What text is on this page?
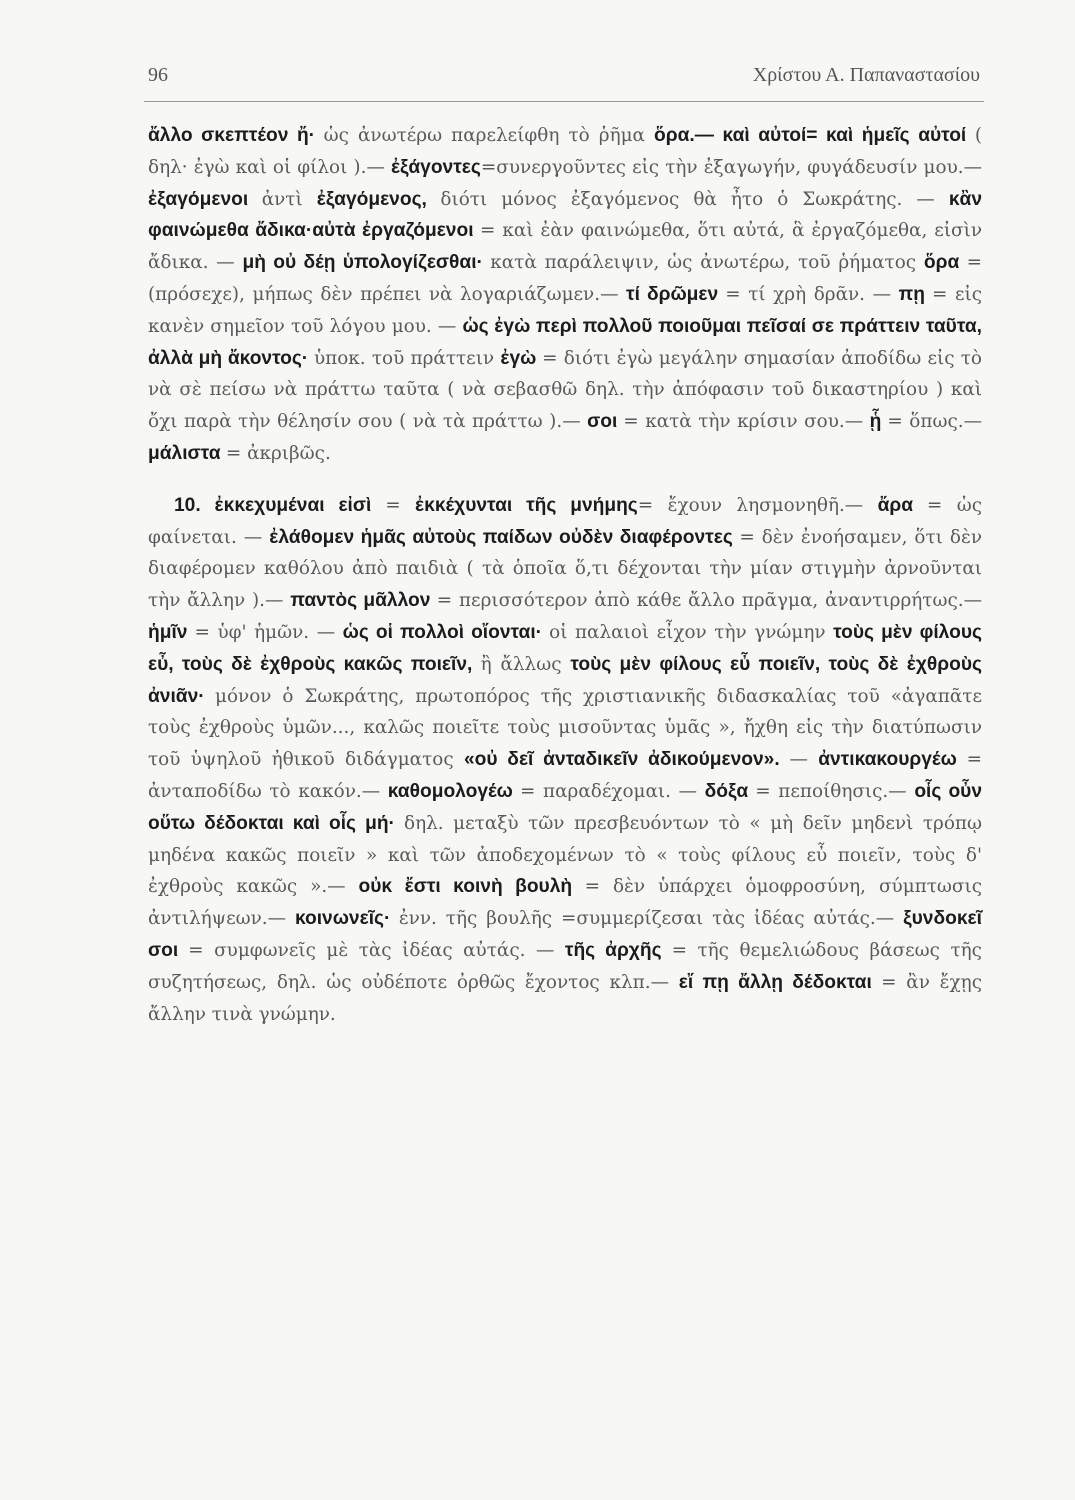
96	Χρίστου Α. Παπαναστασίου

ἄλλο σκεπτέον ἤ· ὡς ἀνωτέρω παρελείφθη τὸ ῥῆμα ὅρα.— καὶ αὐτοί= καὶ ἡμεῖς αὐτοί ( δηλ· ἐγὼ καὶ οἱ φίλοι ).— ἐξάγοντες=συνεργοῦντες εἰς τὴν ἐξαγωγήν, φυγάδευσίν μου.— ἐξαγόμενοι ἀντὶ ἐξαγόμενος, διότι μόνος ἐξαγόμενος θὰ ἦτο ὁ Σωκράτης. — κἂν φαινώμεθα ἄδικα·αὐτὰ ἐργαζόμενοι = καὶ ἐὰν φαινώμεθα, ὅτι αὐτά, ἃ ἐργαζόμεθα, εἰσὶν ἄδικα. — μὴ οὐ δέῃ ὑπολογίζεσθαι· κατὰ παράλειψιν, ὡς ἀνωτέρω, τοῦ ῥήματος ὅρα = (πρόσεχε), μήπως δὲν πρέπει νὰ λογαριάζωμεν.— τί δρῶμεν = τί χρὴ δρᾶν. — πῃ = εἰς κανὲν σημεῖον τοῦ λόγου μου. — ὡς ἐγὼ περὶ πολλοῦ ποιοῦμαι πεῖσαί σε πράττειν ταῦτα, ἀλλὰ μὴ ἄκοντος· ὑποκ. τοῦ πράττειν ἐγὼ = διότι ἐγὼ μεγάλην σημασίαν ἀποδίδω εἰς τὸ νὰ σὲ πείσω νὰ πράττω ταῦτα ( νὰ σεβασθῶ δηλ. τὴν ἀπόφασιν τοῦ δικαστηρίου ) καὶ ὄχι παρὰ τὴν θέλησίν σου ( νὰ τὰ πράττω ).— σοι = κατὰ τὴν κρίσιν σου.— ᾗ = ὅπως.— μάλιστα = ἀκριβῶς.

10. ἐκκεχυμέναι εἰσὶ = ἐκκέχυνται τῆς μνήμης= ἔχουν λησμονηθῆ.— ἄρα = ὡς φαίνεται. — ἐλάθομεν ἡμᾶς αὐτοὺς παίδων οὐδὲν διαφέροντες = δὲν ἐνοήσαμεν, ὅτι δὲν διαφέρομεν καθόλου ἀπὸ παιδιὰ ( τὰ ὁποῖα ὅ,τι δέχονται τὴν μίαν στιγμὴν ἀρνοῦνται τὴν ἄλλην ).— παντὸς μᾶλλον = περισσότερον ἀπὸ κάθε ἄλλο πρᾶγμα, ἀναντιρρήτως.— ἡμῖν = ὑφ' ἡμῶν. — ὡς οἱ πολλοὶ οἴονται· οἱ παλαιοὶ εἶχον τὴν γνώμην τοὺς μὲν φίλους εὖ, τοὺς δὲ ἐχθροὺς κακῶς ποιεῖν, ἢ ἄλλως τοὺς μὲν φίλους εὖ ποιεῖν, τοὺς δὲ ἐχθροὺς ἀνιᾶν· μόνον ὁ Σωκράτης, πρωτοπόρος τῆς χριστιανικῆς διδασκαλίας τοῦ «ἀγαπᾶτε τοὺς ἐχθροὺς ὑμῶν..., καλῶς ποιεῖτε τοὺς μισοῦντας ὑμᾶς », ἤχθη εἰς τὴν διατύπωσιν τοῦ ὑψηλοῦ ἠθικοῦ διδάγματος «οὐ δεῖ ἀνταδικεῖν ἀδικούμενον». — ἀντικακουργέω = ἀνταποδίδω τὸ κακόν.— καθομολογέω = παραδέχομαι. — δόξα = πεποίθησις.— οἷς οὖν οὕτω δέδοκται καὶ οἷς μή· δηλ. μεταξὺ τῶν πρεσβευόντων τὸ « μὴ δεῖν μηδενὶ τρόπῳ μηδένα κακῶς ποιεῖν » καὶ τῶν ἀποδεχομένων τὸ « τοὺς φίλους εὖ ποιεῖν, τοὺς δ' ἐχθροὺς κακῶς ».— οὐκ ἔστι κοινὴ βουλὴ = δὲν ὑπάρχει ὁμοφροσύνη, σύμπτωσις ἀντιλήψεων.— κοινωνεῖς· ἐνν. τῆς βουλῆς =συμμερίζεσαι τὰς ἰδέας αὐτάς.— ξυνδοκεῖ σοι = συμφωνεῖς μὲ τὰς ἰδέας αὐτάς. — τῆς ἀρχῆς = τῆς θεμελιώδους βάσεως τῆς συζητήσεως, δηλ. ὡς οὐδέποτε ὀρθῶς ἔχοντος κλπ.— εἴ πῃ ἄλλῃ δέδοκται = ἂν ἔχῃς ἄλλην τινὰ γνώμην.
